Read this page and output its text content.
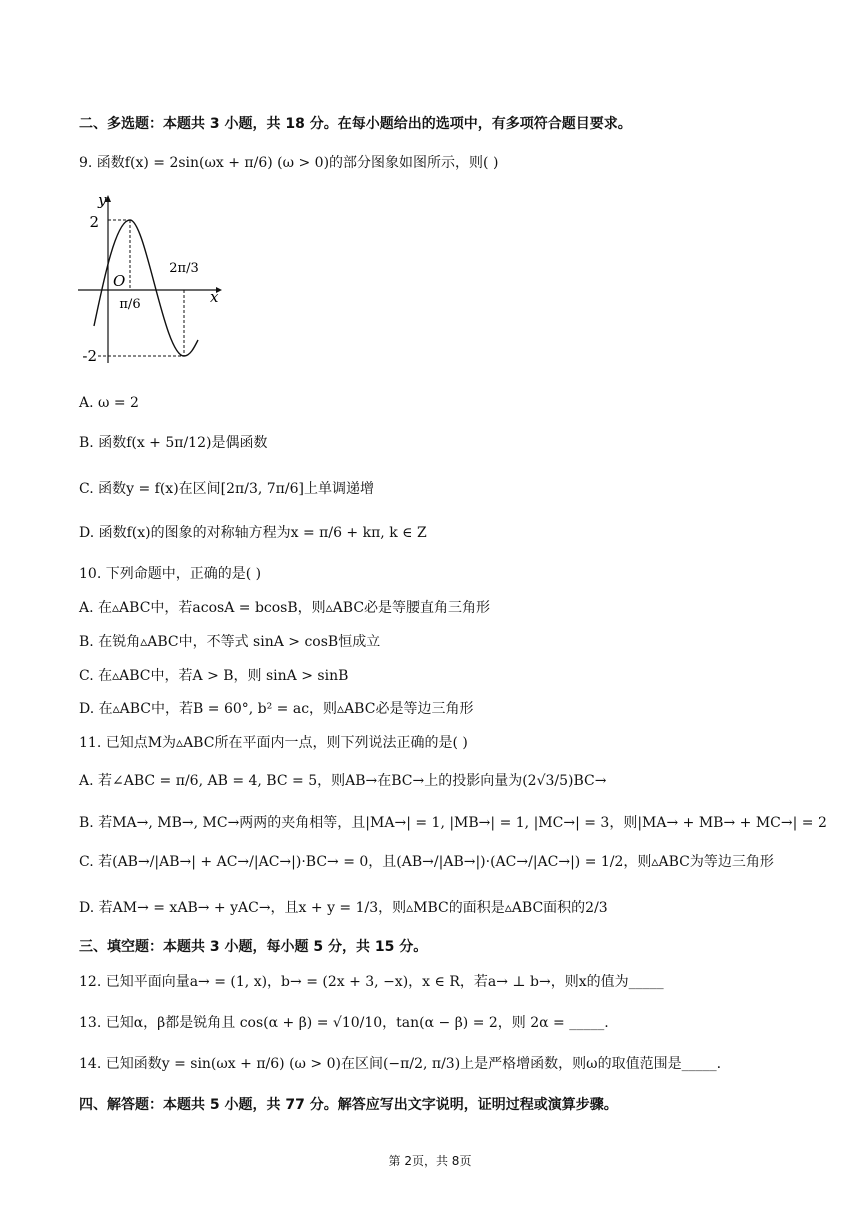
二、多选题：本题共 3 小题，共 18 分。在每小题给出的选项中，有多项符合题目要求。
9. 函数f(x) = 2sin(ωx + π/6) (ω > 0)的部分图象如图所示，则( )
y
x
O
2
-2
π/6
2π/3
A. ω = 2
B. 函数f(x + 5π/12)是偶函数
C. 函数y = f(x)在区间[2π/3, 7π/6]上单调递增
D. 函数f(x)的图象的对称轴方程为x = π/6 + kπ, k ∈ Z
10. 下列命题中，正确的是( )
A. 在▵ABC中，若acosA = bcosB，则▵ABC必是等腰直角三角形
B. 在锐角▵ABC中，不等式 sinA > cosB恒成立
C. 在▵ABC中，若A > B，则 sinA > sinB
D. 在▵ABC中，若B = 60°, b² = ac，则▵ABC必是等边三角形
11. 已知点M为▵ABC所在平面内一点，则下列说法正确的是( )
A. 若∠ABC = π/6, AB = 4, BC = 5，则AB→在BC→上的投影向量为(2√3/5)BC→
B. 若MA→, MB→, MC→两两的夹角相等，且|MA→| = 1, |MB→| = 1, |MC→| = 3，则|MA→ + MB→ + MC→| = 2
C. 若(AB→/|AB→| + AC→/|AC→|)·BC→ = 0，且(AB→/|AB→|)·(AC→/|AC→|) = 1/2，则▵ABC为等边三角形
D. 若AM→ = xAB→ + yAC→，且x + y = 1/3，则▵MBC的面积是▵ABC面积的2/3
三、填空题：本题共 3 小题，每小题 5 分，共 15 分。
12. 已知平面向量a→ = (1, x)，b→ = (2x + 3, −x)，x ∈ R，若a→ ⊥ b→，则x的值为_____
13. 已知α，β都是锐角且 cos(α + β) = √10/10，tan(α − β) = 2，则 2α = _____.
14. 已知函数y = sin(ωx + π/6) (ω > 0)在区间(−π/2, π/3)上是严格增函数，则ω的取值范围是_____.
四、解答题：本题共 5 小题，共 77 分。解答应写出文字说明，证明过程或演算步骤。
第 2页，共 8页
